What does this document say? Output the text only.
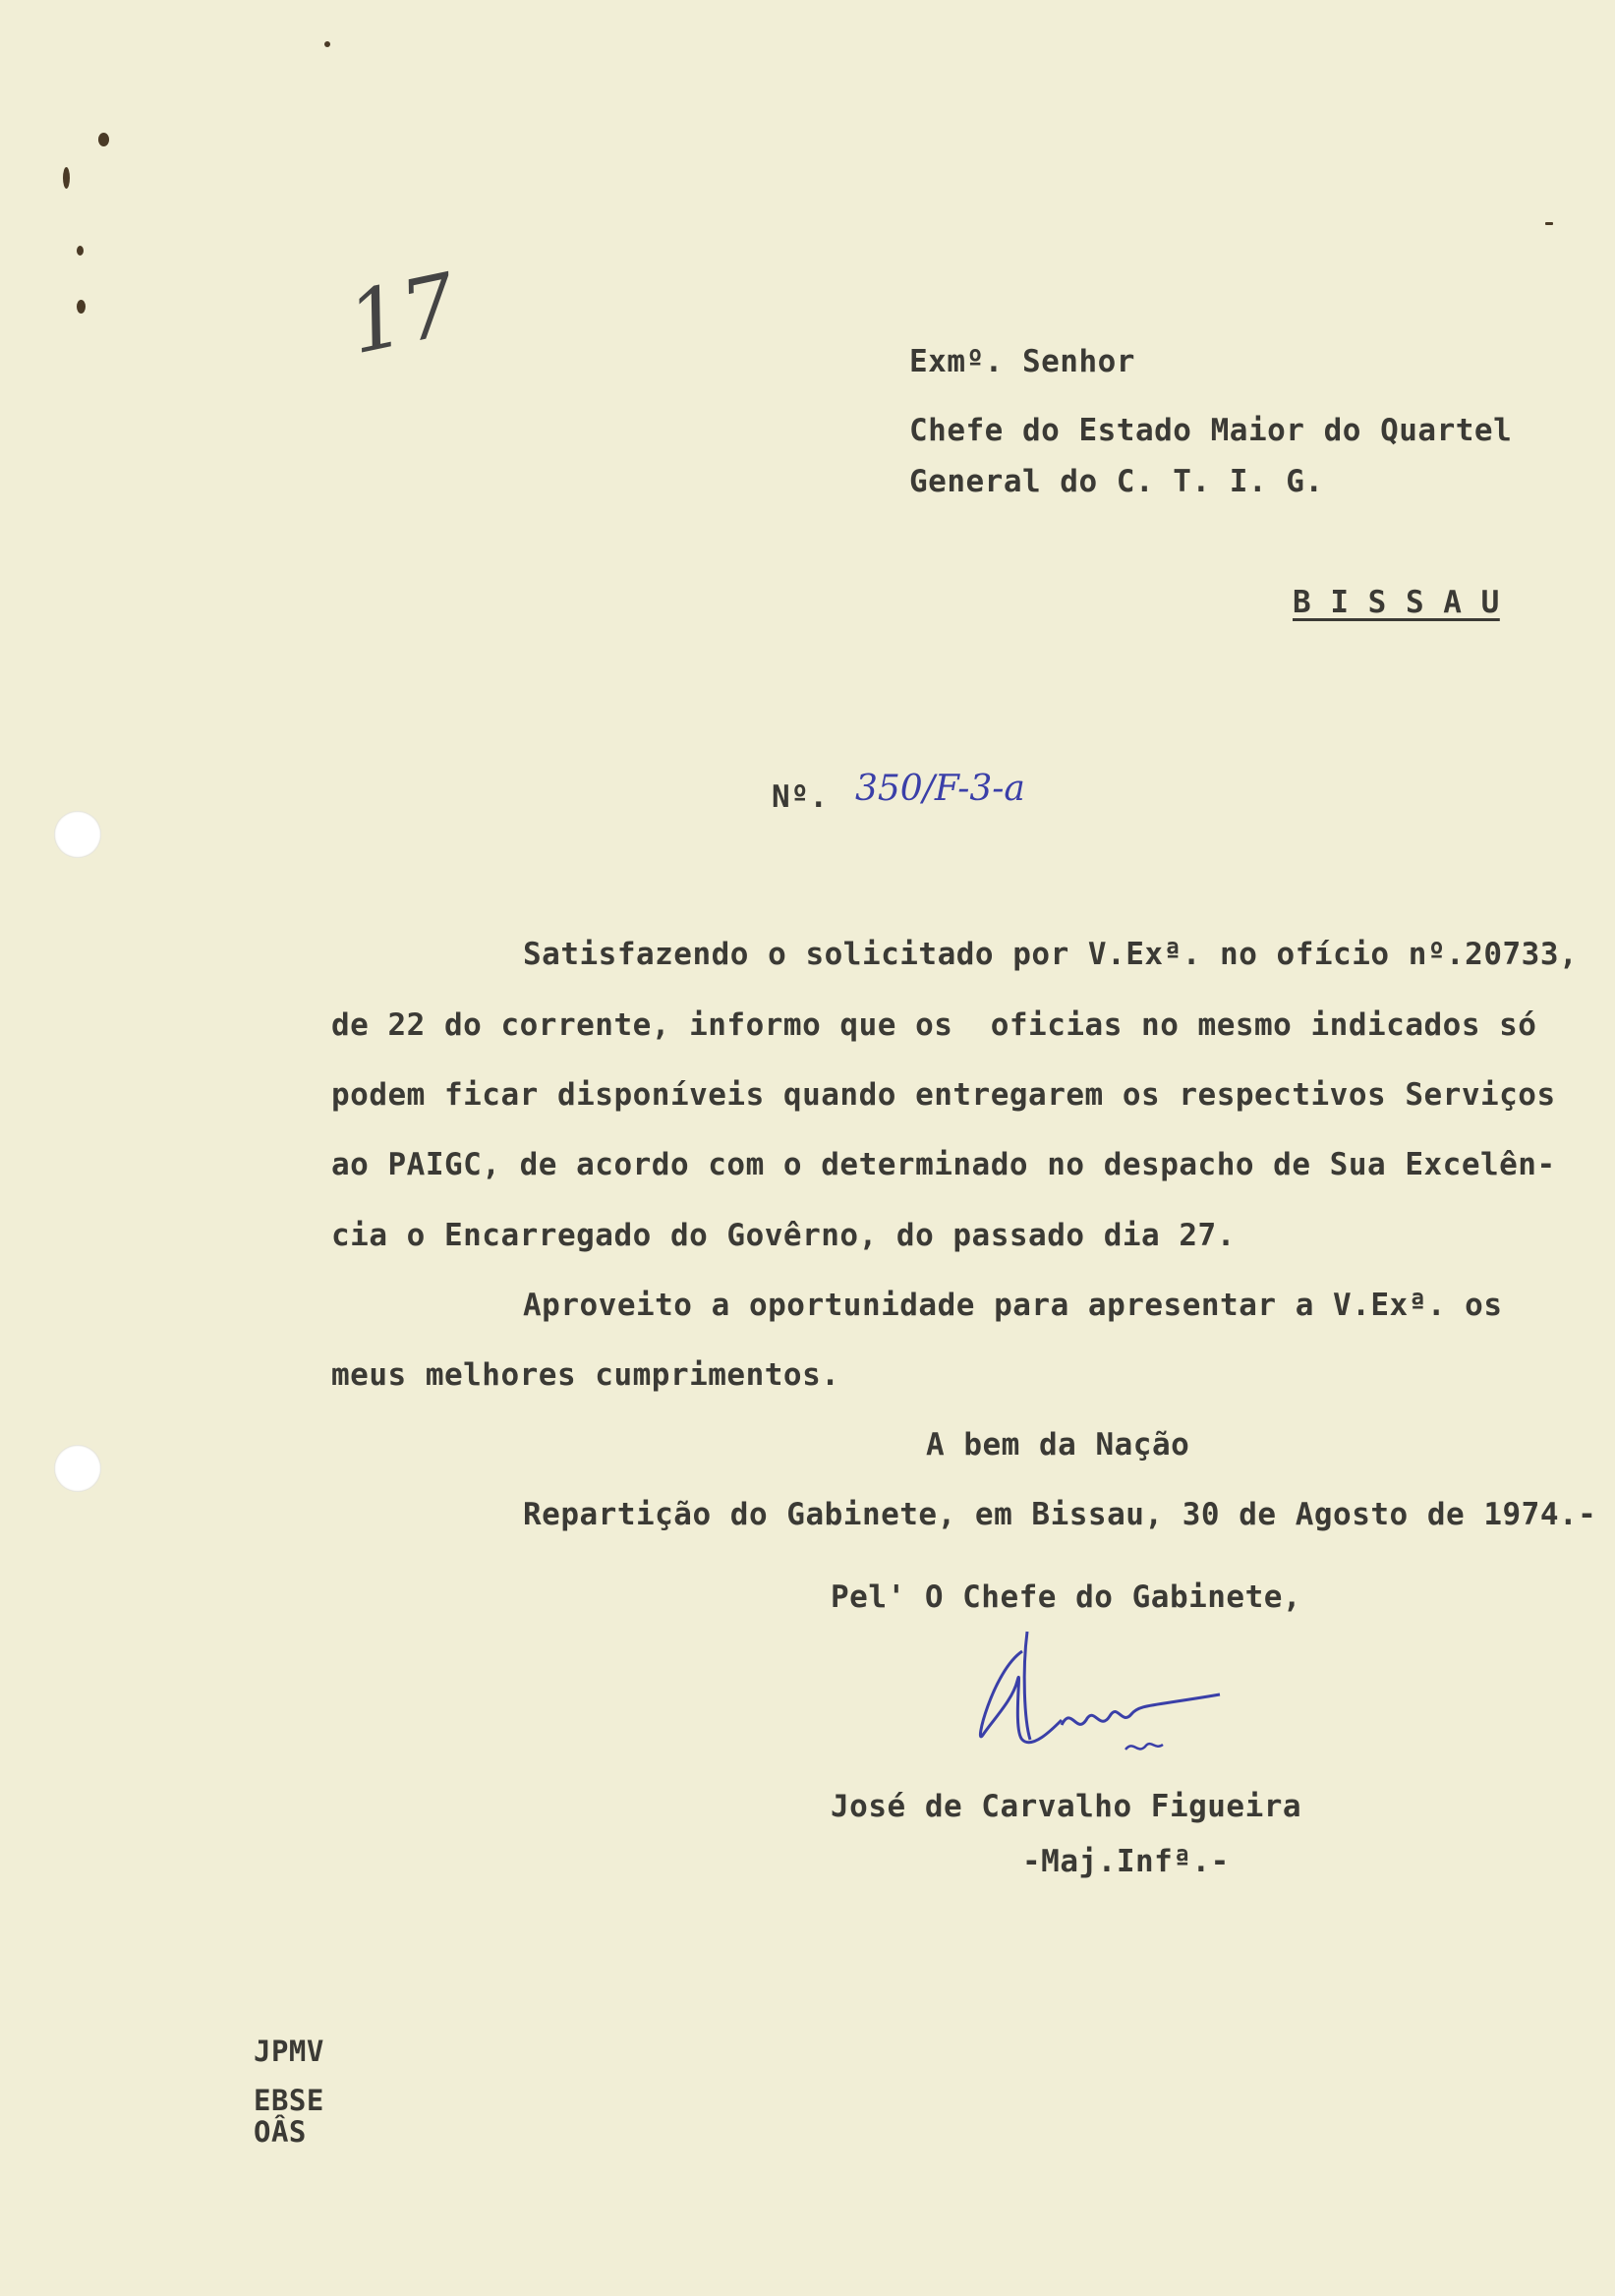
17	Exmº. Senhor
Chefe do Estado Maior do Quartel
General do C. T. I. G.
B I S S A U
Nº. 350/F-3-a
Satisfazendo o solicitado por V.Exª. no ofício nº.20733,
de 22 do corrente, informo que os  oficias no mesmo indicados só
podem ficar disponíveis quando entregarem os respectivos Serviços
ao PAIGC, de acordo com o determinado no despacho de Sua Excelên-
cia o Encarregado do Govêrno, do passado dia 27.
Aproveito a oportunidade para apresentar a V.Exª. os
meus melhores cumprimentos.
A bem da Nação
Repartição do Gabinete, em Bissau, 30 de Agosto de 1974.-
Pel' O Chefe do Gabinete,
José de Carvalho Figueira
-Maj.Infª.-
JPMV
EBSE
OÂS
